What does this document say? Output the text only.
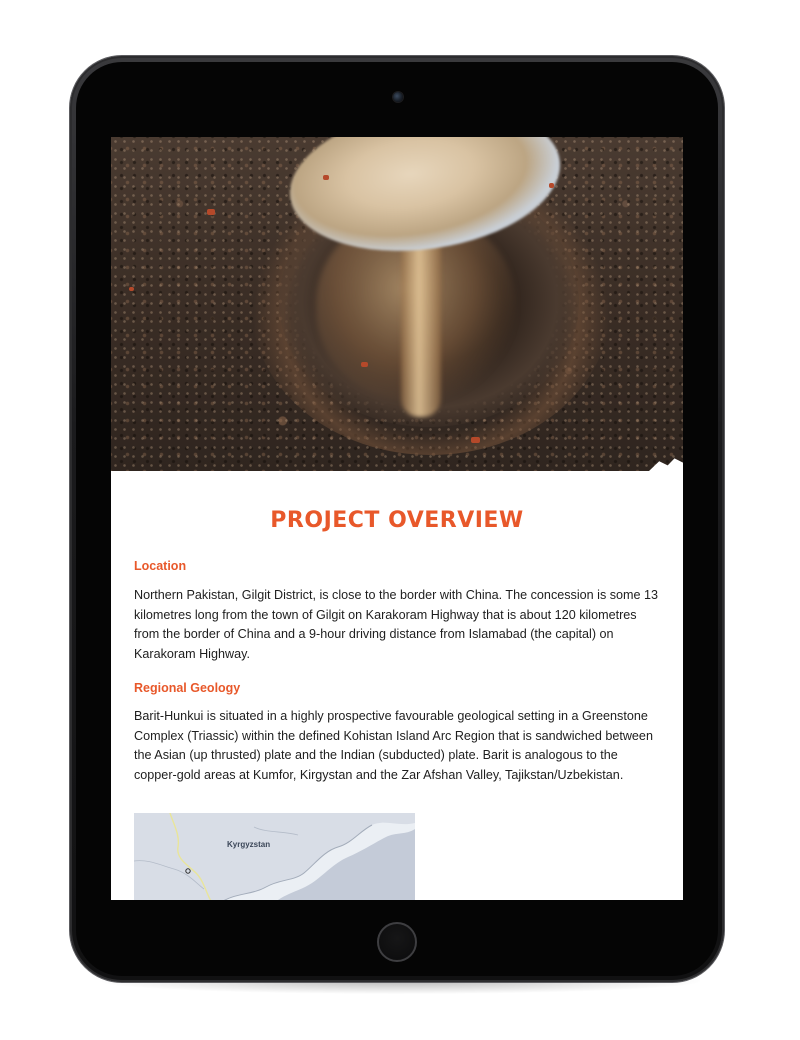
PROJECT OVERVIEW
Location
Northern Pakistan, Gilgit District, is close to the border with China. The concession is some 13 kilometres long from the town of Gilgit on Karakoram Highway that is about 120 kilometres from the border of China and a 9-hour driving distance from Islamabad (the capital) on Karakoram Highway.
Regional Geology
Barit-Hunkui is situated in a highly prospective favourable geological setting in a Greenstone Complex (Triassic) within the defined Kohistan Island Arc Region that is sandwiched between the Asian (up thrusted) plate and the Indian (subducted) plate. Barit is analogous to the copper-gold areas at Kumfor, Kirgystan and the Zar Afshan Valley, Tajikstan/Uzbekistan.
Kyrgyzstan
